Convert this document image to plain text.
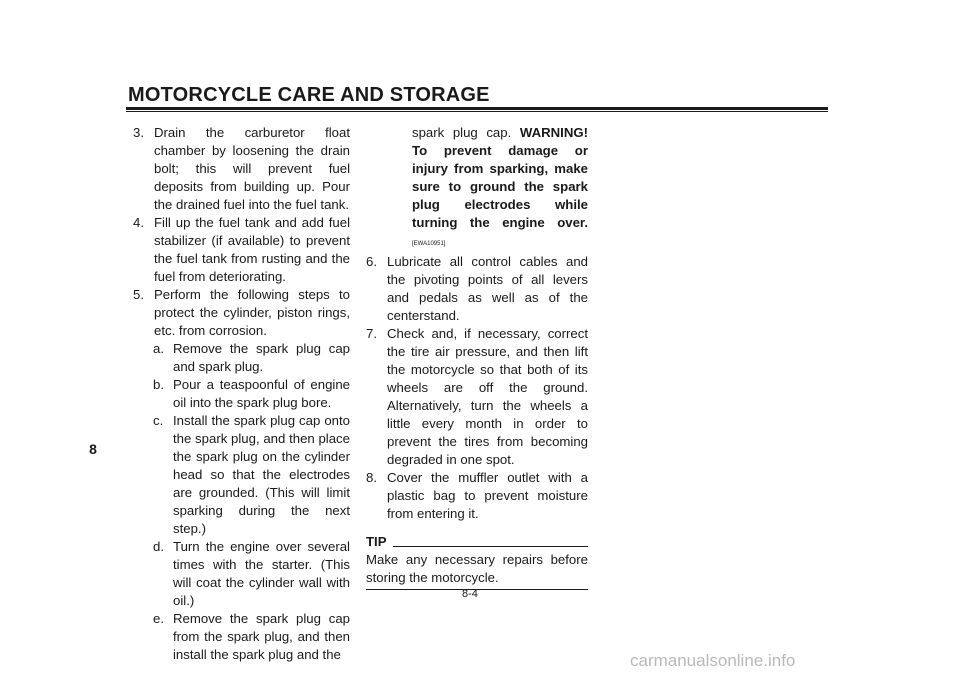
MOTORCYCLE CARE AND STORAGE
8
3. Drain the carburetor float chamber by loosening the drain bolt; this will prevent fuel deposits from building up. Pour the drained fuel into the fuel tank.
4. Fill up the fuel tank and add fuel stabilizer (if available) to prevent the fuel tank from rusting and the fuel from deteriorating.
5. Perform the following steps to protect the cylinder, piston rings, etc. from corrosion.
a. Remove the spark plug cap and spark plug.
b. Pour a teaspoonful of engine oil into the spark plug bore.
c. Install the spark plug cap onto the spark plug, and then place the spark plug on the cylinder head so that the electrodes are grounded. (This will limit sparking during the next step.)
d. Turn the engine over several times with the starter. (This will coat the cylinder wall with oil.)
e. Remove the spark plug cap from the spark plug, and then install the spark plug and the
spark plug cap. WARNING! To prevent damage or injury from sparking, make sure to ground the spark plug electrodes while turning the engine over.[EWA10951]
6. Lubricate all control cables and the pivoting points of all levers and pedals as well as of the centerstand.
7. Check and, if necessary, correct the tire air pressure, and then lift the motorcycle so that both of its wheels are off the ground. Alternatively, turn the wheels a little every month in order to prevent the tires from becoming degraded in one spot.
8. Cover the muffler outlet with a plastic bag to prevent moisture from entering it.
TIP
Make any necessary repairs before storing the motorcycle.
8-4
carmanualsonline.info
